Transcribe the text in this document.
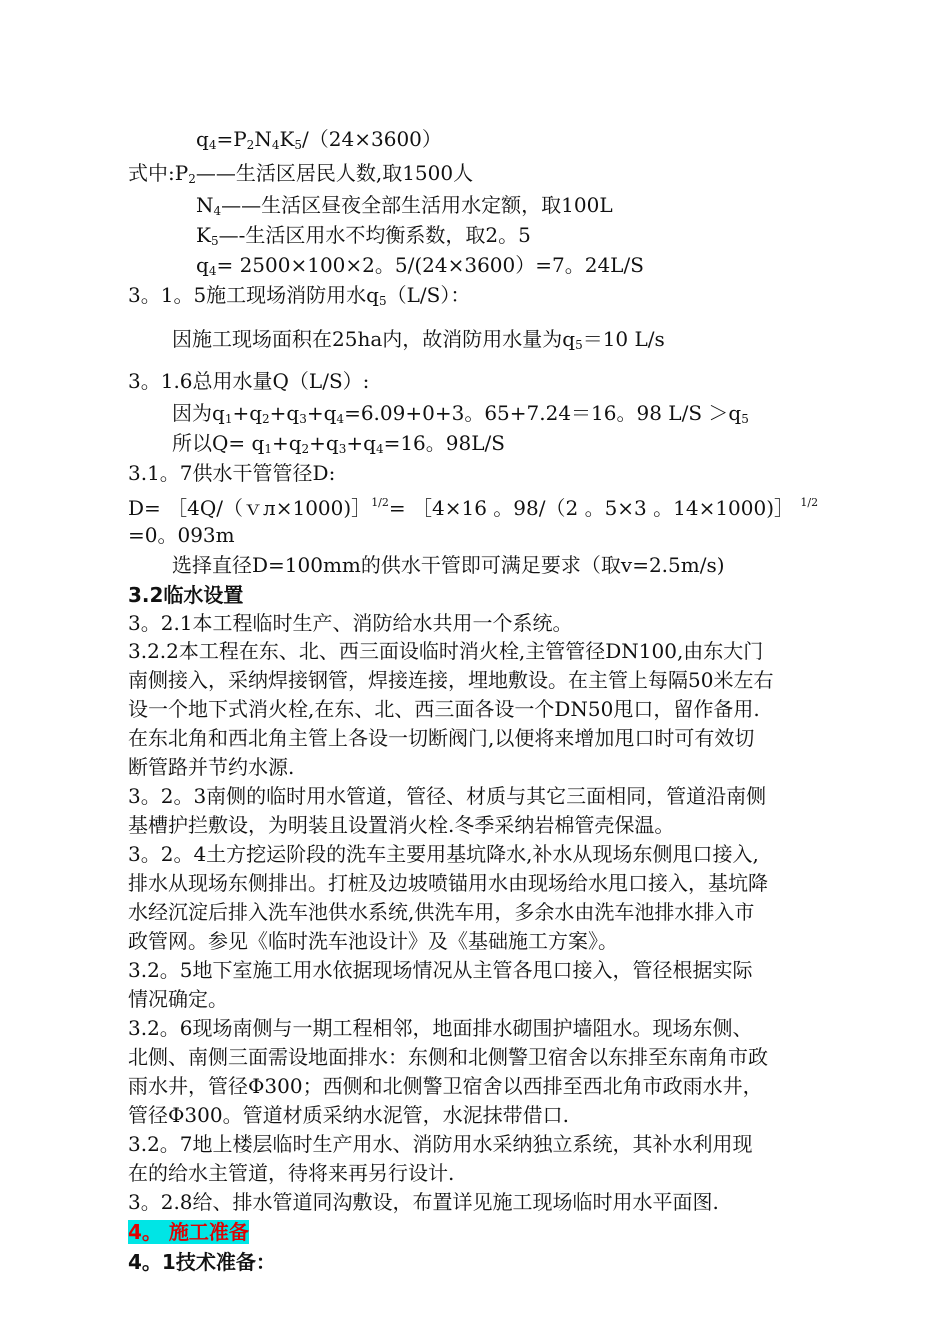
$q_4=P_2N_4K_5/(24\times 3600)$
式中$:P_2——$生活区居民人数,取1500人
$N_4——$生活区昼夜全部生活用水定额，取100L
$K_5—-$生活区用水不均衡系数，取2。5
$q_4= 2500\times 100\times 2$。5/(24×3600）=7。24L/S
3。1。5施工现场消防用水$q_5(L/S)$：
因施工现场面积在25ha内，故消防用水量为$q_5=10$ L/s
3。1.6总用水量Q（L/S）:
因为$q_1+q_2+q_3+q_4=6.09+0+3$。65+7.24＝16。98 $L/S >q_5$
所以$Q= q_1+q_2+q_3+q_4=16$。98L/S
3.1。7供水干管管径D:
D= ［4Q/（ｖл×1000)］$^{1/2}$= ［4×16 。98/（2 。5×3 。14×1000)］ $^{1/2}$
=0。093m
选择直径D=100mm的供水干管即可满足要求（取v=2.5m/s)
3.2临水设置
3。2.1本工程临时生产、消防给水共用一个系统。
3.2.2本工程在东、北、西三面设临时消火栓,主管管径DN100,由东大门
南侧接入，采纳焊接钢管，焊接连接，埋地敷设。在主管上每隔50米左右
设一个地下式消火栓,在东、北、西三面各设一个DN50甩口，留作备用.
在东北角和西北角主管上各设一切断阀门,以便将来增加甩口时可有效切
断管路并节约水源.
3。2。3南侧的临时用水管道，管径、材质与其它三面相同，管道沿南侧
基槽护拦敷设，为明装且设置消火栓.冬季采纳岩棉管壳保温。
3。2。4土方挖运阶段的洗车主要用基坑降水,补水从现场东侧甩口接入,
排水从现场东侧排出。打桩及边坡喷锚用水由现场给水甩口接入，基坑降
水经沉淀后排入洗车池供水系统,供洗车用，多余水由洗车池排水排入市
政管网。参见《临时洗车池设计》及《基础施工方案》。
3.2。5地下室施工用水依据现场情况从主管各甩口接入，管径根据实际
情况确定。
3.2。6现场南侧与一期工程相邻，地面排水砌围护墙阻水。现场东侧、
北侧、南侧三面需设地面排水：东侧和北侧警卫宿舍以东排至东南角市政
雨水井，管径Φ300；西侧和北侧警卫宿舍以西排至西北角市政雨水井，
管径Φ300。管道材质采纳水泥管，水泥抹带借口.
3.2。7地上楼层临时生产用水、消防用水采纳独立系统，其补水利用现
在的给水主管道，待将来再另行设计.
3。2.8给、排水管道同沟敷设，布置详见施工现场临时用水平面图.
4。 施工准备
4。1技术准备：
